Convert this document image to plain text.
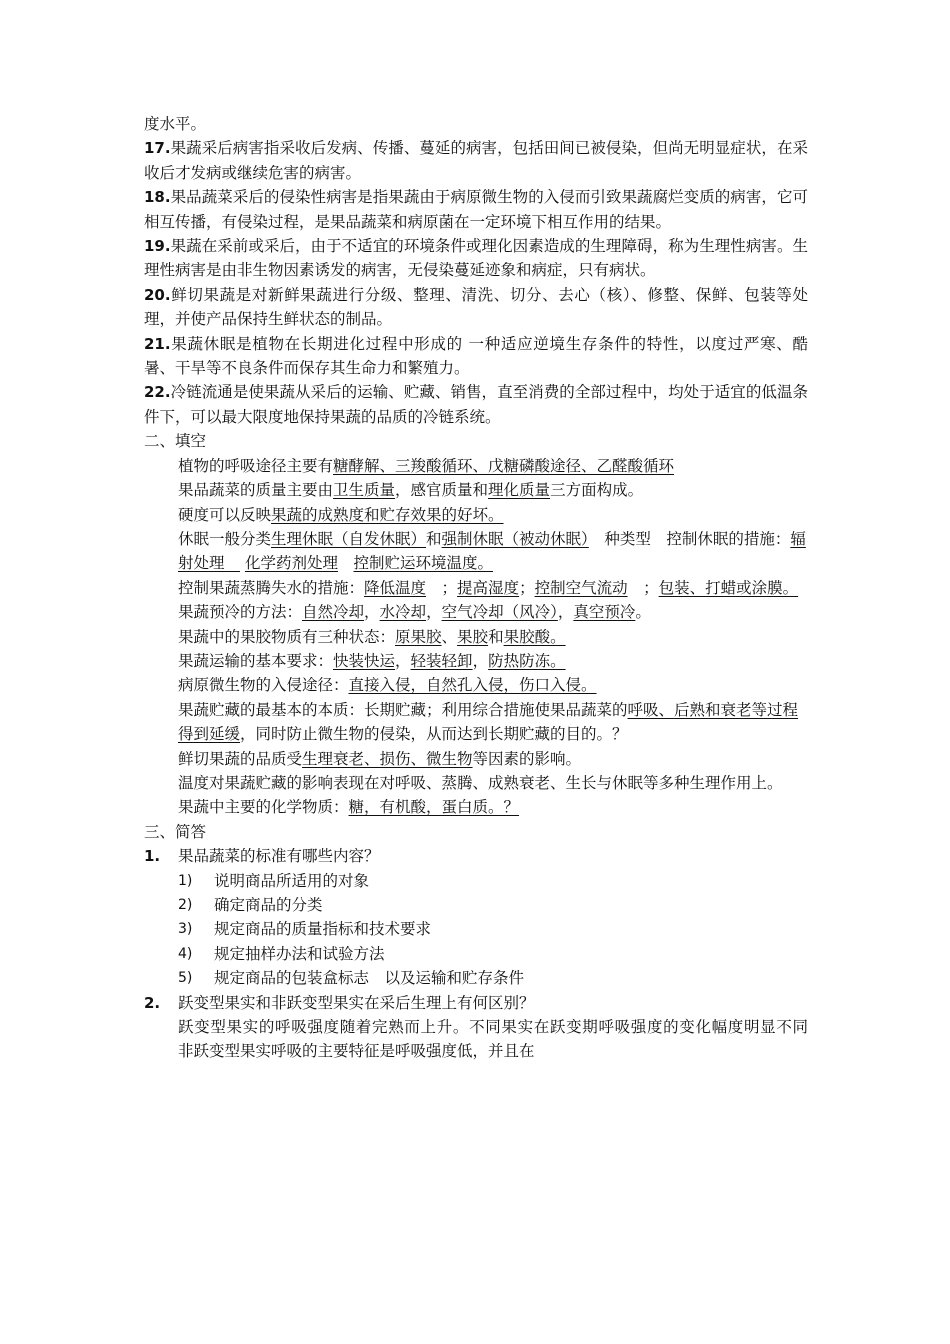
度水平。

17.果蔬采后病害指采收后发病、传播、蔓延的病害，包括田间已被侵染，但尚无明显症状，在采收后才发病或继续危害的病害。

18.果品蔬菜采后的侵染性病害是指果蔬由于病原微生物的入侵而引致果蔬腐烂变质的病害，它可相互传播，有侵染过程，是果品蔬菜和病原菌在一定环境下相互作用的结果。

19.果蔬在采前或采后，由于不适宜的环境条件或理化因素造成的生理障碍，称为生理性病害。生理性病害是由非生物因素诱发的病害，无侵染蔓延迹象和病症，只有病状。

20.鲜切果蔬是对新鲜果蔬进行分级、整理、清洗、切分、去心（核）、修整、保鲜、包装等处理，并使产品保持生鲜状态的制品。

21.果蔬休眠是植物在长期进化过程中形成的 一种适应逆境生存条件的特性，以度过严寒、酷暑、干旱等不良条件而保存其生命力和繁殖力。

22.冷链流通是使果蔬从采后的运输、贮藏、销售，直至消费的全部过程中，均处于适宜的低温条件下，可以最大限度地保持果蔬的品质的冷链系统。

二、填空

植物的呼吸途径主要有糖酵解、三羧酸循环、戊糖磷酸途径、乙醛酸循环

果品蔬菜的质量主要由卫生质量，感官质量和理化质量三方面构成。

硬度可以反映果蔬的成熟度和贮存效果的好坏。

休眠一般分类生理休眠（自发休眠）和强制休眠（被动休眠）　种类型　控制休眠的措施：辐射处理　 化学药剂处理　 控制贮运环境温度。

控制果蔬蒸腾失水的措施：降低温度　；提高湿度；控制空气流动　；包装、打蜡或涂膜。

果蔬预冷的方法：自然冷却，水冷却，空气冷却（风冷），真空预冷。

果蔬中的果胶物质有三种状态：原果胶、果胶和果胶酸。

果蔬运输的基本要求：快装快运，轻装轻卸，防热防冻。

病原微生物的入侵途径：直接入侵，自然孔入侵，伤口入侵。

果蔬贮藏的最基本的本质：长期贮藏；利用综合措施使果品蔬菜的呼吸、后熟和衰老等过程得到延缓，同时防止微生物的侵染，从而达到长期贮藏的目的。？

鲜切果蔬的品质受生理衰老、损伤、微生物等因素的影响。

温度对果蔬贮藏的影响表现在对呼吸、蒸腾、成熟衰老、生长与休眠等多种生理作用上。

果蔬中主要的化学物质：糖，有机酸，蛋白质。？

三、简答

1. 果品蔬菜的标准有哪些内容？
1) 说明商品所适用的对象
2) 确定商品的分类
3) 规定商品的质量指标和技术要求
4) 规定抽样办法和试验方法
5) 规定商品的包装盒标志　以及运输和贮存条件
2. 跃变型果实和非跃变型果实在采后生理上有何区别？

跃变型果实的呼吸强度随着完熟而上升。不同果实在跃变期呼吸强度的变化幅度明显不同　非跃变型果实呼吸的主要特征是呼吸强度低，并且在
